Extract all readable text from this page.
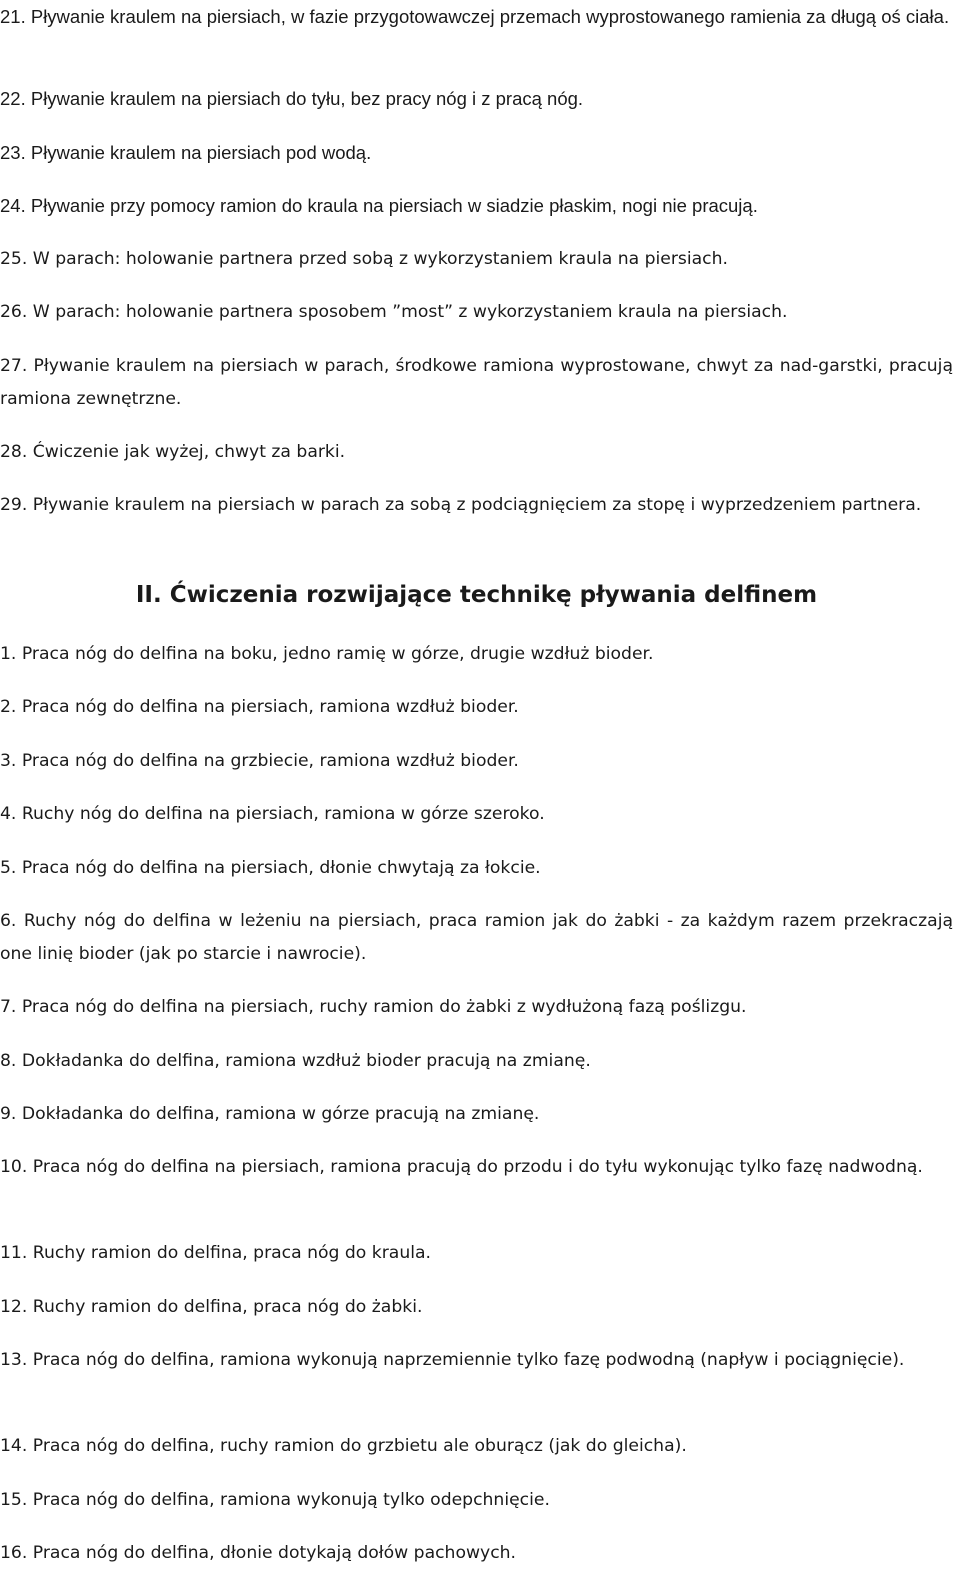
21. Pływanie kraulem na piersiach, w fazie przygotowawczej przemach wyprostowanego ramienia za długą oś ciała.

22. Pływanie kraulem na piersiach do tyłu, bez pracy nóg i z pracą nóg.

23. Pływanie kraulem na piersiach pod wodą.

24. Pływanie przy pomocy ramion do kraula na piersiach w siadzie płaskim, nogi nie pracują.

25. W parach: holowanie partnera przed sobą z wykorzystaniem kraula na piersiach.

26. W parach: holowanie partnera sposobem ”most” z wykorzystaniem kraula na piersiach.

27. Pływanie kraulem na piersiach w parach, środkowe ramiona wyprostowane, chwyt za nad-garstki, pracują ramiona zewnętrzne.

28. Ćwiczenie jak wyżej, chwyt za barki.

29. Pływanie kraulem na piersiach w parach za sobą z podciągnięciem za stopę i wyprzedzeniem partnera.

II. Ćwiczenia rozwijające technikę pływania delfinem

1. Praca nóg do delfina na boku, jedno ramię w górze, drugie wzdłuż bioder.

2. Praca nóg do delfina na piersiach, ramiona wzdłuż bioder.

3. Praca nóg do delfina na grzbiecie, ramiona wzdłuż bioder.

4. Ruchy nóg do delfina na piersiach, ramiona w górze szeroko.

5. Praca nóg do delfina na piersiach, dłonie chwytają za łokcie.

6. Ruchy nóg do delfina w leżeniu na piersiach, praca ramion jak do żabki - za każdym razem przekraczają one linię bioder (jak po starcie i nawrocie).

7. Praca nóg do delfina na piersiach, ruchy ramion do żabki z wydłużoną fazą poślizgu.

8. Dokładanka do delfina, ramiona wzdłuż bioder pracują na zmianę.

9. Dokładanka do delfina, ramiona w górze pracują na zmianę.

10. Praca nóg do delfina na piersiach, ramiona pracują do przodu i do tyłu wykonując tylko fazę nadwodną.

11. Ruchy ramion do delfina, praca nóg do kraula.

12. Ruchy ramion do delfina, praca nóg do żabki.

13. Praca nóg do delfina, ramiona wykonują naprzemiennie tylko fazę podwodną (napływ i pociągnięcie).

14. Praca nóg do delfina, ruchy ramion do grzbietu ale oburącz (jak do gleicha).

15. Praca nóg do delfina, ramiona wykonują tylko odepchnięcie.

16. Praca nóg do delfina, dłonie dotykają dołów pachowych.
